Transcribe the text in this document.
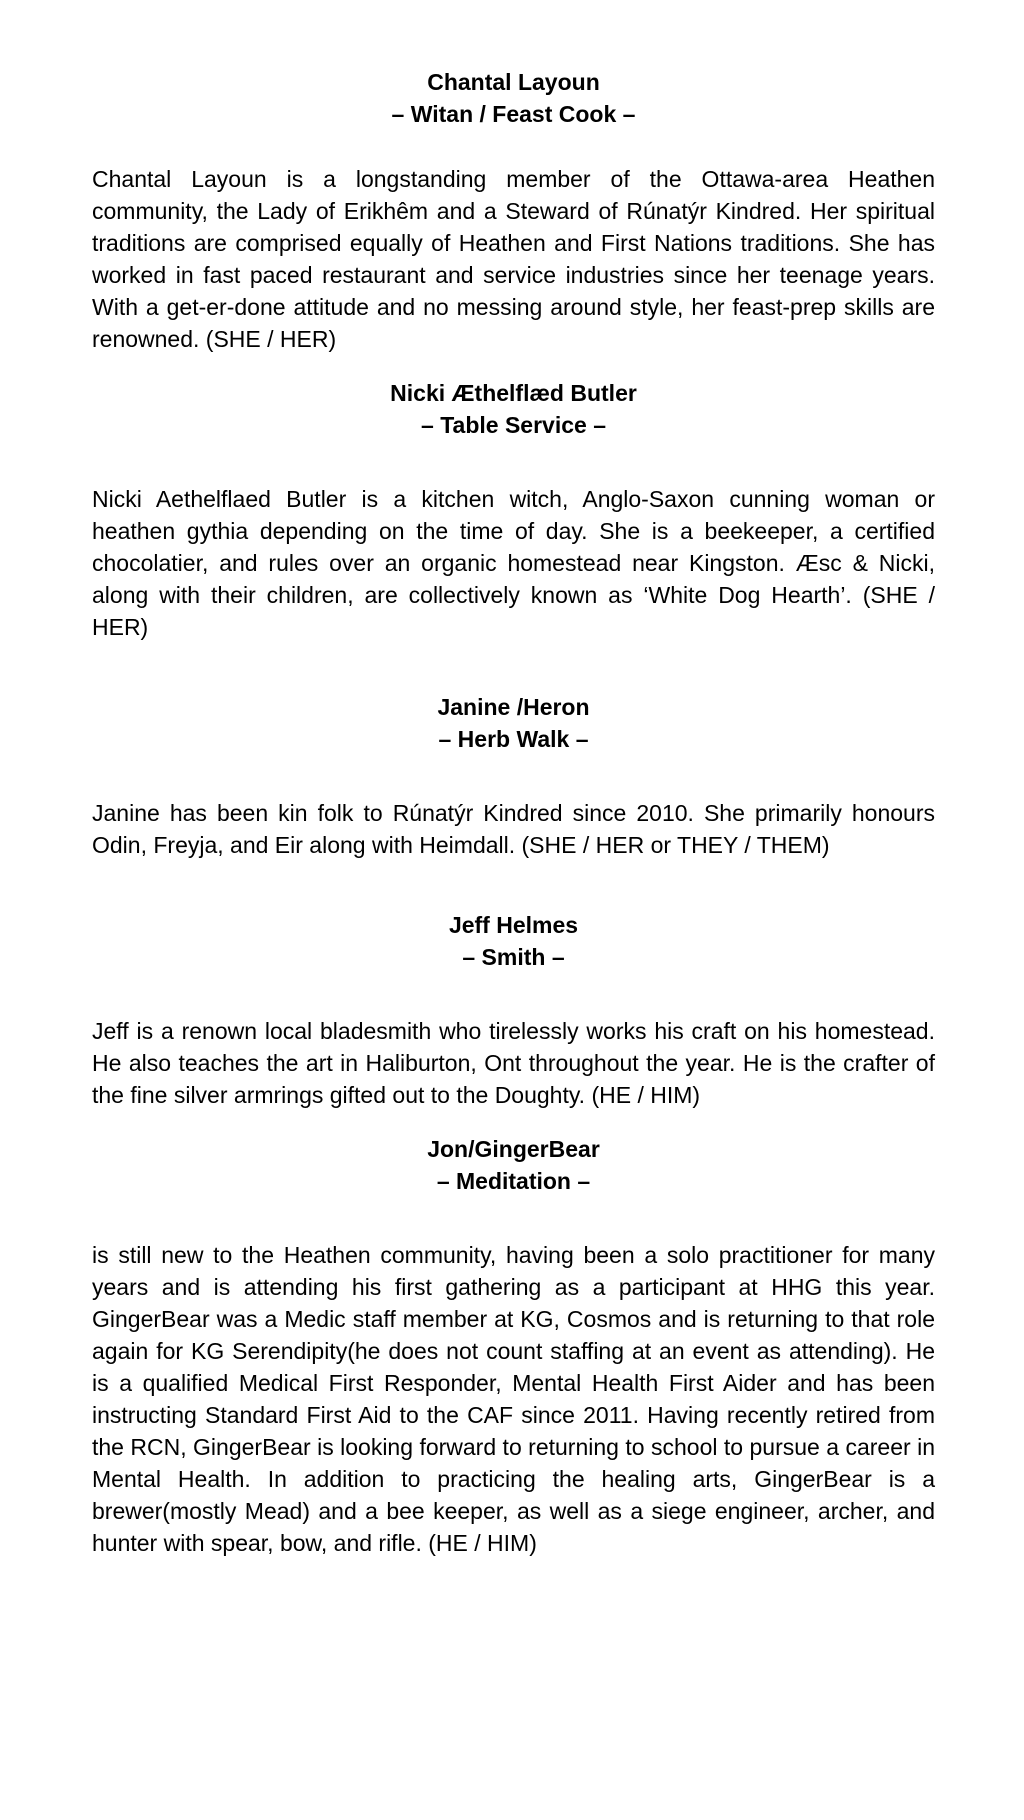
Chantal Layoun

– Witan / Feast Cook –

Chantal Layoun is a longstanding member of the Ottawa-area Heathen community, the Lady of Erikhêm and a Steward of Rúnatýr Kindred. Her spiritual traditions are comprised equally of Heathen and First Nations traditions. She has worked in fast paced restaurant and service industries since her teenage years. With a get-er-done attitude and no messing around style, her feast-prep skills are renowned. (SHE / HER)

Nicki Æthelflæd Butler

– Table Service –

Nicki Aethelflaed Butler is a kitchen witch, Anglo-Saxon cunning woman or heathen gythia depending on the time of day. She is a beekeeper, a certified chocolatier, and rules over an organic homestead near Kingston. Æsc & Nicki, along with their children, are collectively known as ‘White Dog Hearth’. (SHE / HER)

Janine /Heron

– Herb Walk –

Janine has been kin folk to Rúnatýr Kindred since 2010. She primarily honours Odin, Freyja, and Eir along with Heimdall. (SHE / HER or THEY / THEM)

Jeff Helmes

– Smith –

Jeff is a renown local bladesmith who tirelessly works his craft on his homestead. He also teaches the art in Haliburton, Ont throughout the year. He is the crafter of the fine silver armrings gifted out to the Doughty. (HE / HIM)

Jon/GingerBear

– Meditation –

is still new to the Heathen community, having been a solo practitioner for many years and is attending his first gathering as a participant at HHG this year. GingerBear was a Medic staff member at KG, Cosmos and is returning to that role again for KG Serendipity(he does not count staffing at an event as attending). He is a qualified Medical First Responder, Mental Health First Aider and has been instructing Standard First Aid to the CAF since 2011. Having recently retired from the RCN, GingerBear is looking forward to returning to school to pursue a career in Mental Health. In addition to practicing the healing arts, GingerBear is a brewer(mostly Mead) and a bee keeper, as well as a siege engineer, archer, and hunter with spear, bow, and rifle. (HE / HIM)
